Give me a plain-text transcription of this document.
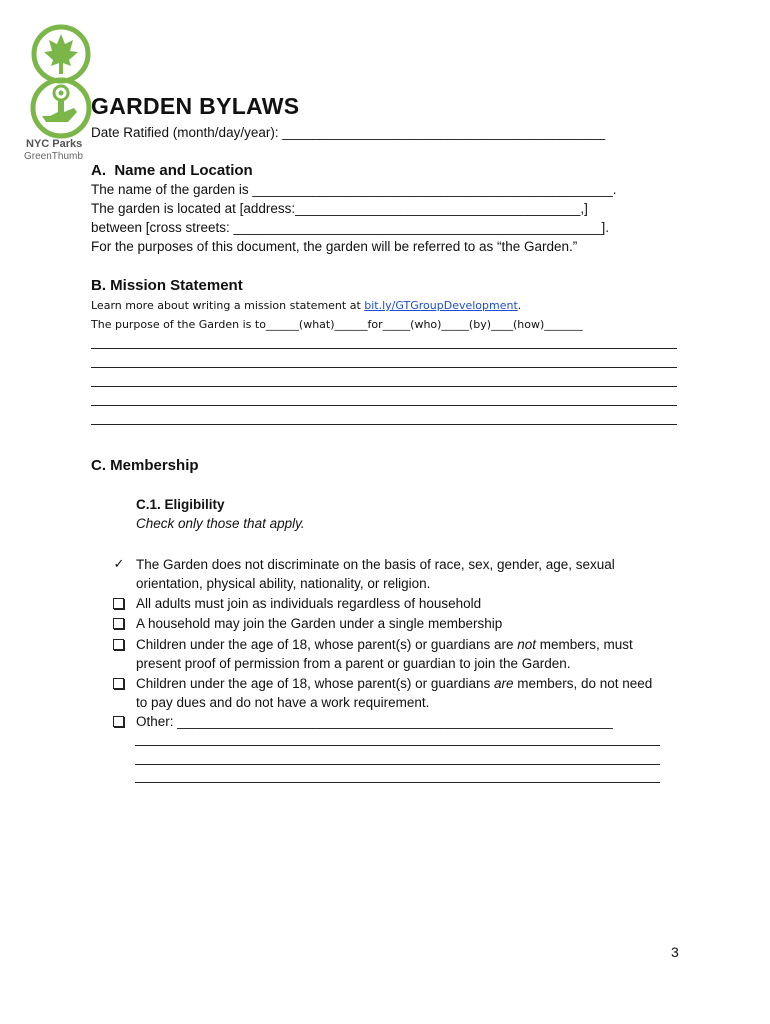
NYC Parks
GreenThumb
GARDEN BYLAWS
Date Ratified (month/day/year): ___________________________________________
A.  Name and Location
The name of the garden is ________________________________________________.
The garden is located at [address:______________________________________,]
between [cross streets: _________________________________________________].
For the purposes of this document, the garden will be referred to as “the Garden.”
B. Mission Statement
Learn more about writing a mission statement at bit.ly/GTGroupDevelopment.
The purpose of the Garden is to______(what)______for_____(who)_____(by)____(how)_______
C. Membership
C.1. Eligibility
Check only those that apply.
✓ The Garden does not discriminate on the basis of race, sex, gender, age, sexual orientation, physical ability, nationality, or religion.
All adults must join as individuals regardless of household
A household may join the Garden under a single membership
Children under the age of 18, whose parent(s) or guardians are not members, must present proof of permission from a parent or guardian to join the Garden.
Children under the age of 18, whose parent(s) or guardians are members, do not need to pay dues and do not have a work requirement.
Other: __________________________________________________________
3
